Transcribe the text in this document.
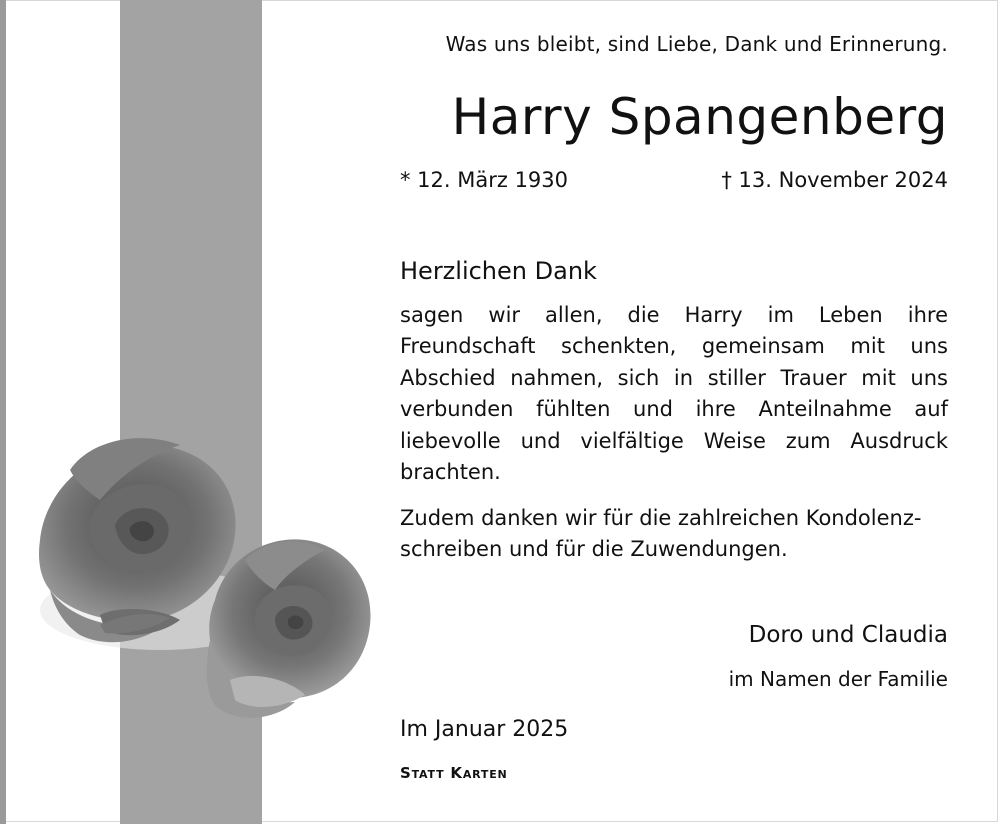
Was uns bleibt, sind Liebe, Dank und Erinnerung.
Harry Spangenberg
* 12. März 1930	† 13. November 2024
Herzlichen Dank
sagen wir allen, die Harry im Leben ihre Freundschaft schenkten, gemeinsam mit uns Abschied nahmen, sich in stiller Trauer mit uns verbunden fühlten und ihre Anteilnahme auf liebevolle und vielfältige Weise zum Ausdruck brachten.
Zudem danken wir für die zahlreichen Kondolenz-
schreiben und für die Zuwendungen.
Doro und Claudia
im Namen der Familie
Im Januar 2025
Statt Karten
